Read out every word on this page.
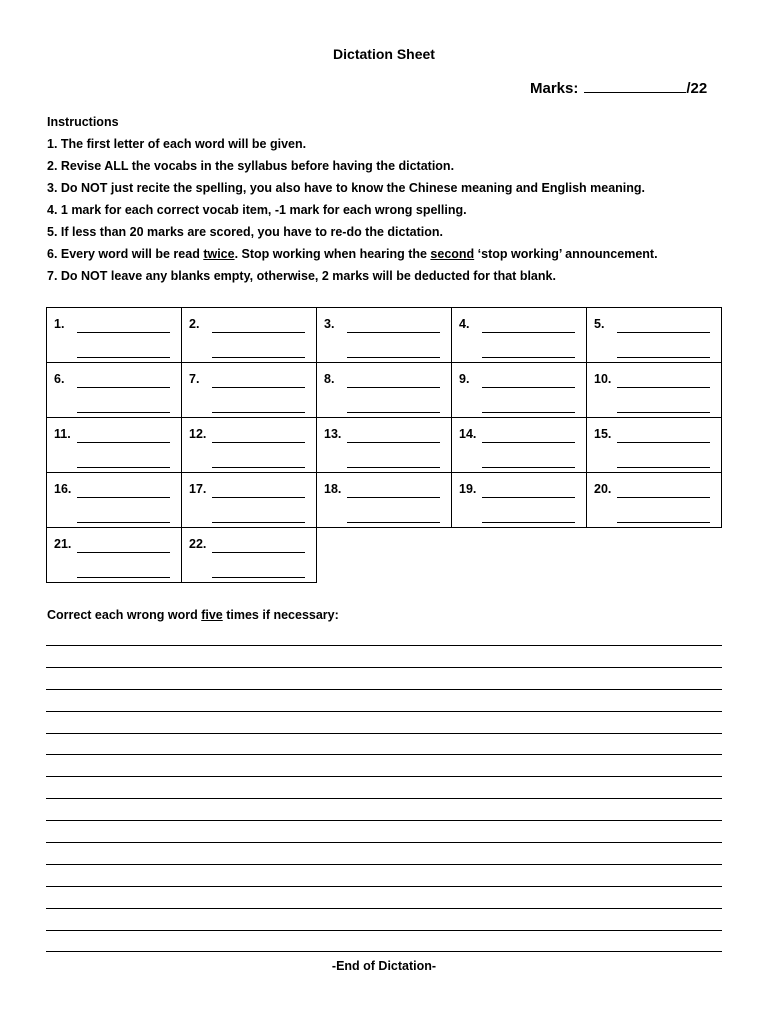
Dictation Sheet
Marks :	/22
Instructions
1. The first letter of each word will be given.
2. Revise ALL the vocabs in the syllabus before having the dictation.
3. Do NOT just recite the spelling, you also have to know the Chinese meaning and English meaning.
4. 1 mark for each correct vocab item, -1 mark for each wrong spelling.
5. If less than 20 marks are scored, you have to re-do the dictation.
6. Every word will be read twice. Stop working when hearing the second ‘stop working’ announcement.
7. Do NOT leave any blanks empty, otherwise, 2 marks will be deducted for that blank.
1.	2.	3.	4.	5.

6.	7.	8.	9.	10.

11.	12.	13.	14.	15.

16.	17.	18.	19.	20.

21.	22.			

Correct each wrong word five times if necessary:
-End of Dictation-
